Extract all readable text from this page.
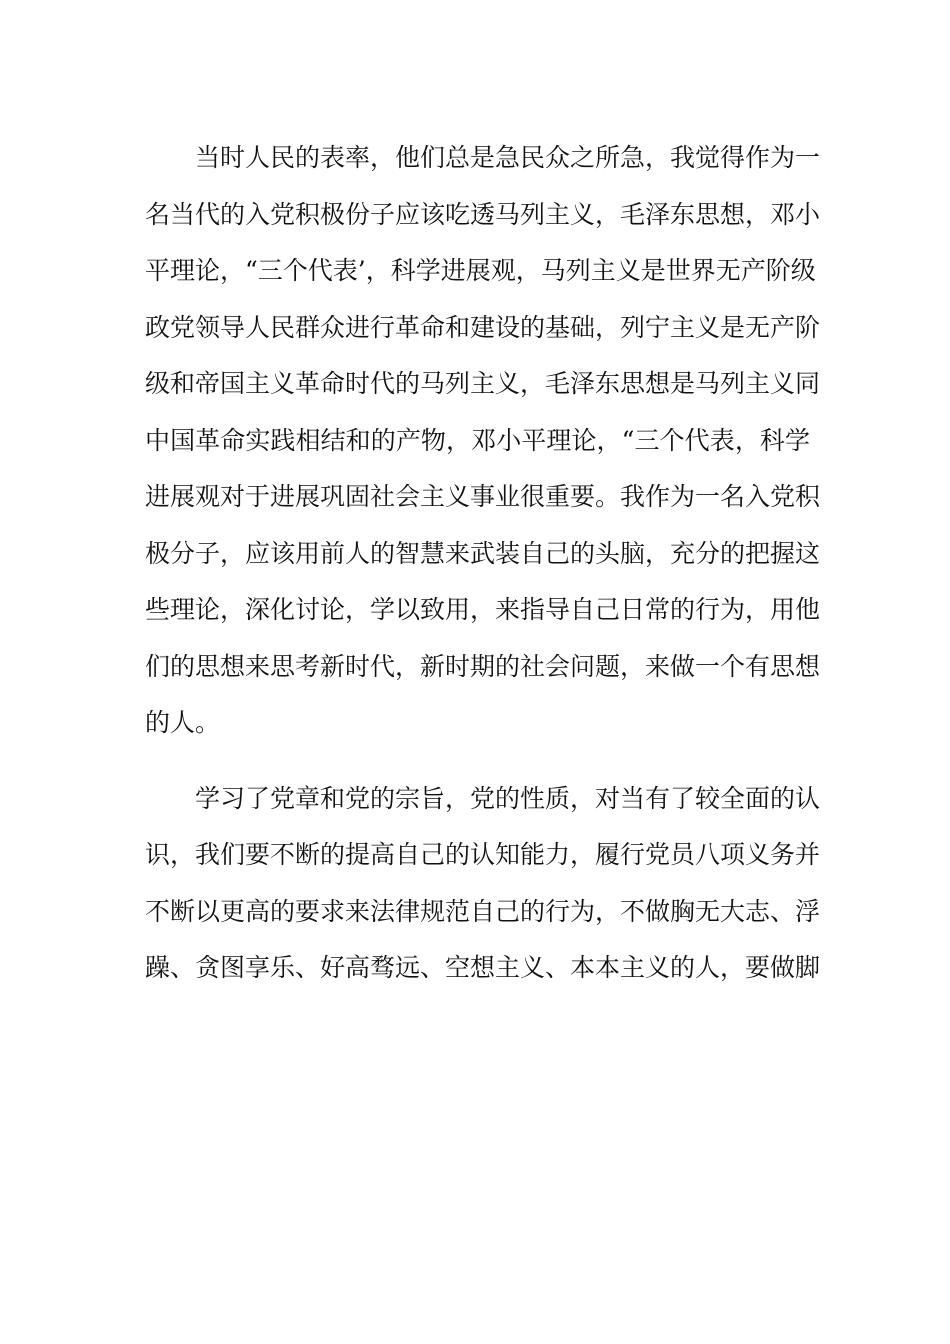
当时人民的表率，他们总是急民众之所急，我觉得作为一

名当代的入党积极份子应该吃透马列主义，毛泽东思想，邓小

平理论，“三个代表’，科学进展观，马列主义是世界无产阶级

政党领导人民群众进行革命和建设的基础，列宁主义是无产阶

级和帝国主义革命时代的马列主义，毛泽东思想是马列主义同

中国革命实践相结和的产物，邓小平理论，“三个代表，科学

进展观对于进展巩固社会主义事业很重要。我作为一名入党积

极分子，应该用前人的智慧来武装自己的头脑，充分的把握这

些理论，深化讨论，学以致用，来指导自己日常的行为，用他

们的思想来思考新时代，新时期的社会问题，来做一个有思想

的人。

学习了党章和党的宗旨，党的性质，对当有了较全面的认

识，我们要不断的提高自己的认知能力，履行党员八项义务并

不断以更高的要求来法律规范自己的行为，不做胸无大志、浮

躁、贪图享乐、好高骛远、空想主义、本本主义的人，要做脚
